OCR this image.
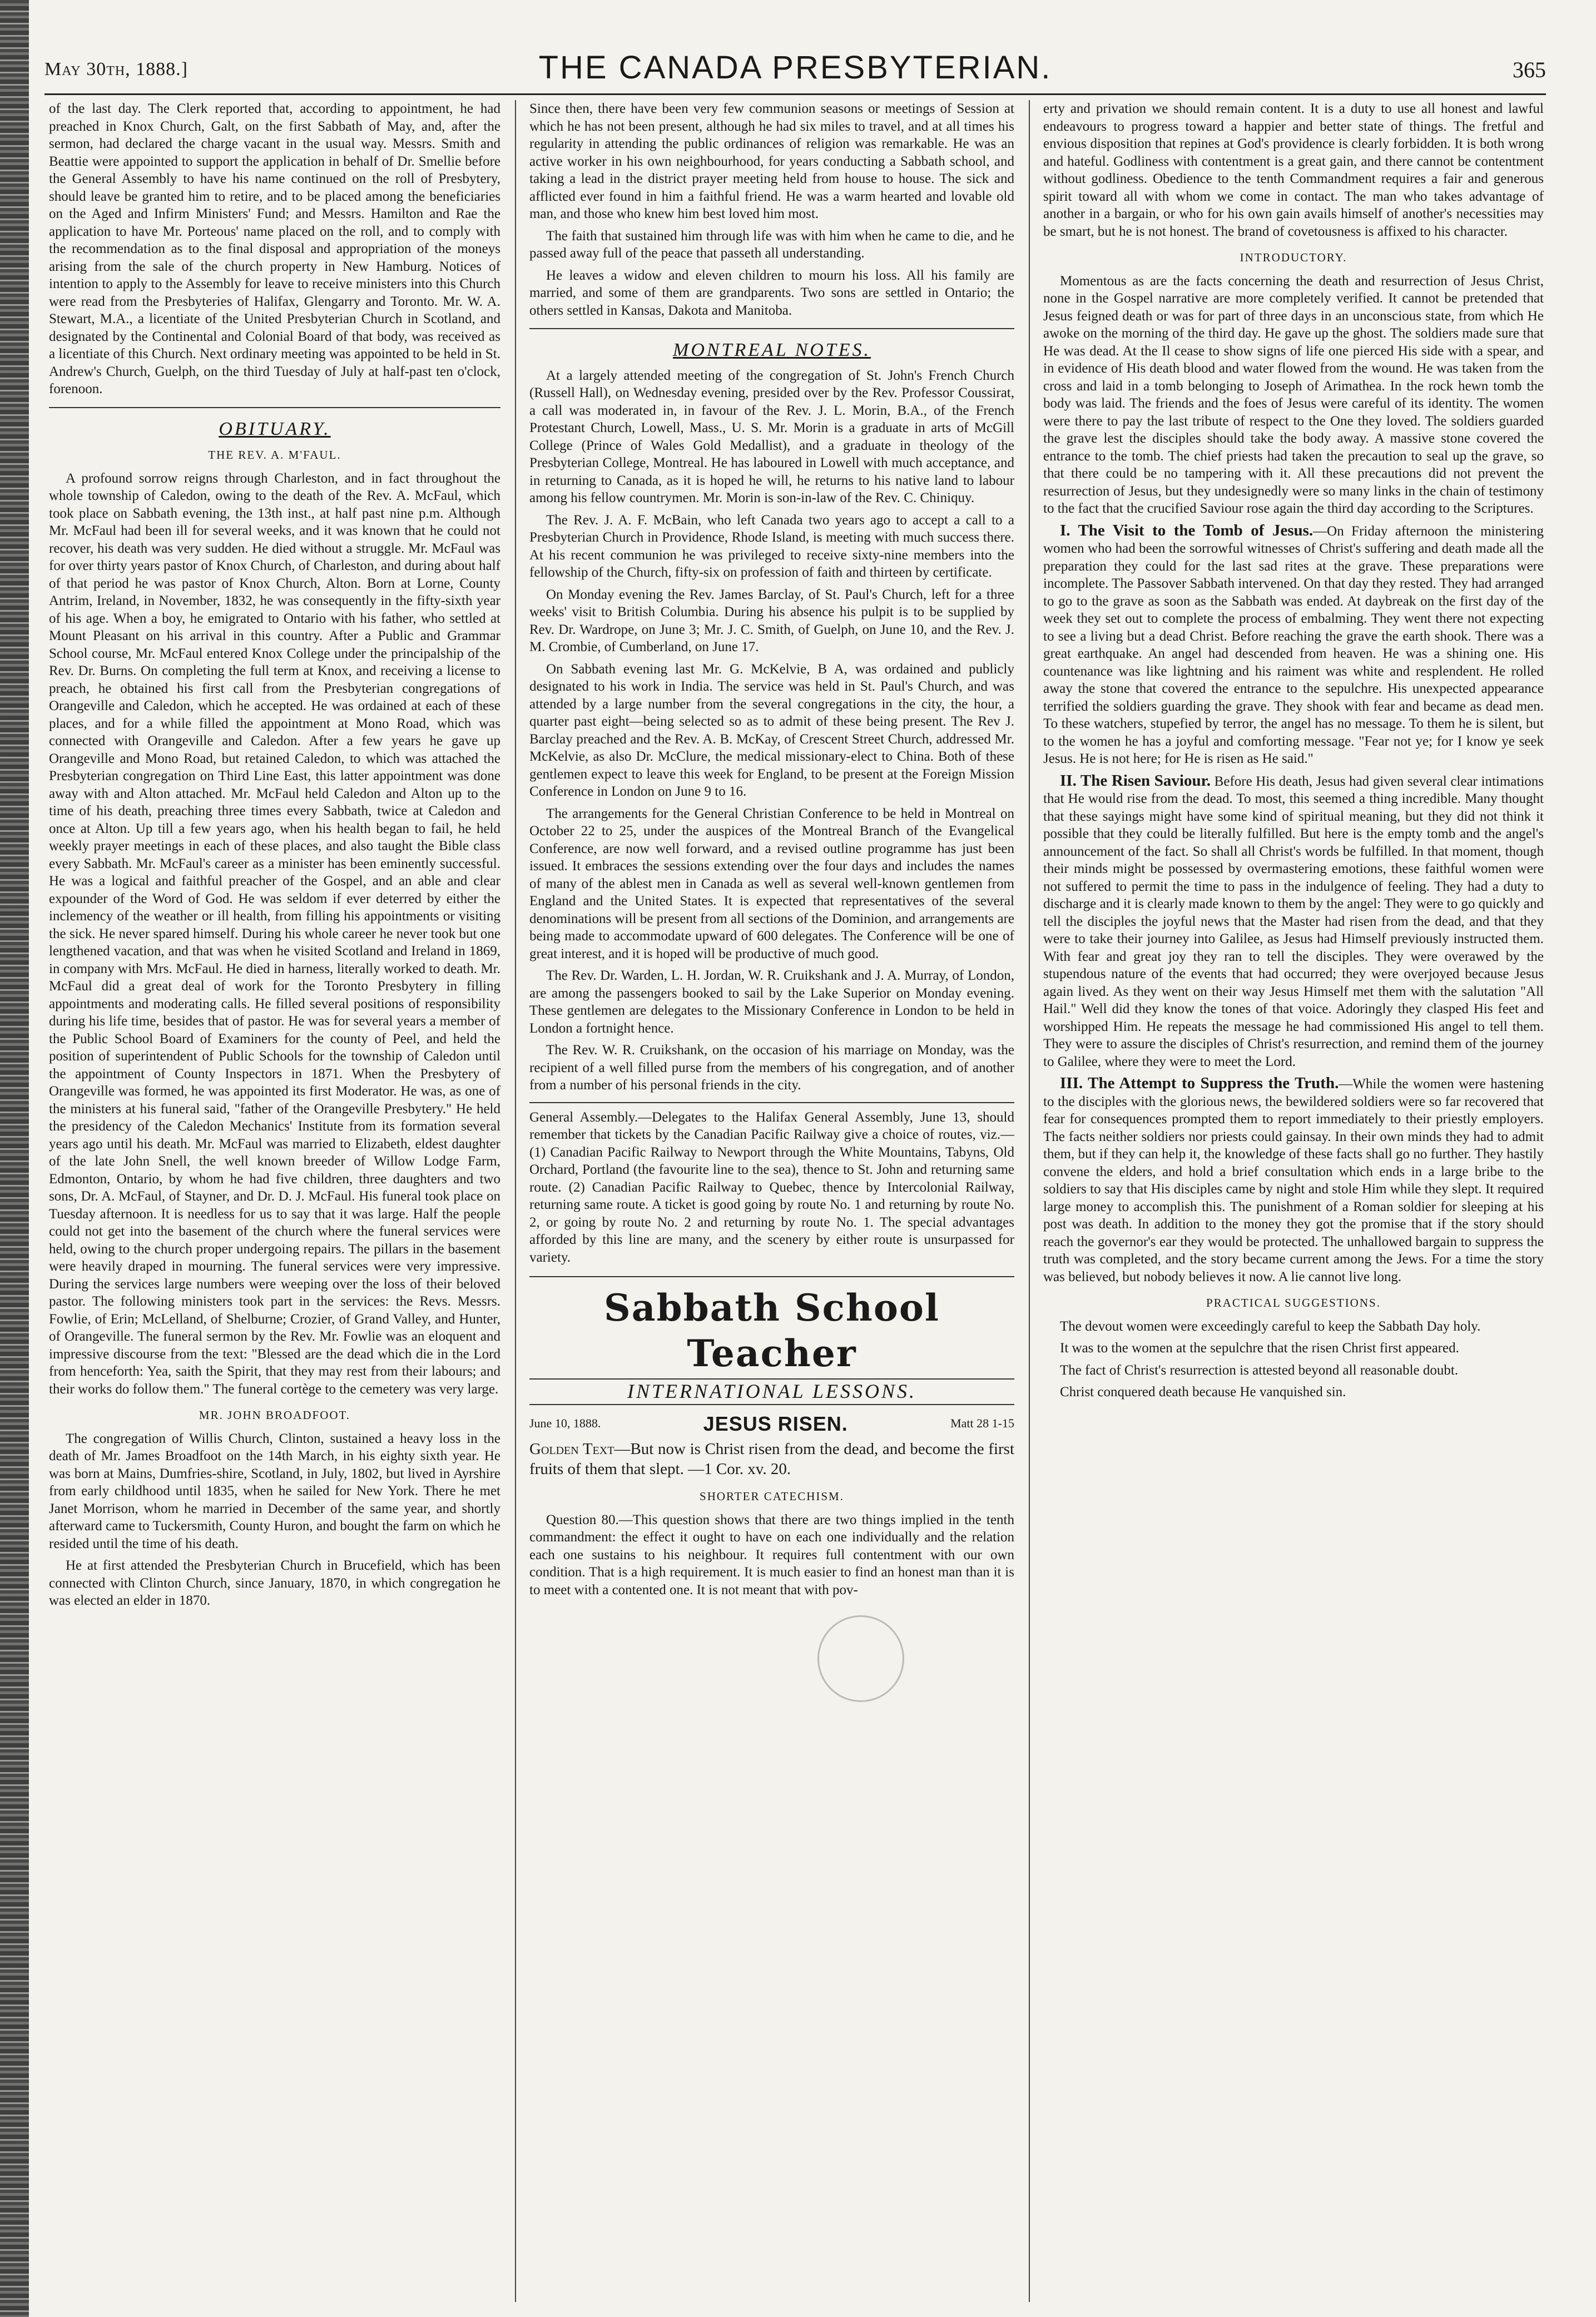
May 30th, 1888.]	THE CANADA PRESBYTERIAN.	365

of the last day. The Clerk reported that, according to appointment, he had preached in Knox Church, Galt, on the first Sabbath of May, and, after the sermon, had declared the charge vacant in the usual way. Messrs. Smith and Beattie were appointed to support the application in behalf of Dr. Smellie before the General Assembly to have his name continued on the roll of Presbytery, should leave be granted him to retire, and to be placed among the beneficiaries on the Aged and Infirm Ministers' Fund; and Messrs. Hamilton and Rae the application to have Mr. Porteous' name placed on the roll, and to comply with the recommendation as to the final disposal and appropriation of the moneys arising from the sale of the church property in New Hamburg. Notices of intention to apply to the Assembly for leave to receive ministers into this Church were read from the Presbyteries of Halifax, Glengarry and Toronto. Mr. W. A. Stewart, M.A., a licentiate of the United Presbyterian Church in Scotland, and designated by the Continental and Colonial Board of that body, was received as a licentiate of this Church. Next ordinary meeting was appointed to be held in St. Andrew's Church, Guelph, on the third Tuesday of July at half-past ten o'clock, forenoon.

OBITUARY.
THE REV. A. M'FAUL.

A profound sorrow reigns through Charleston, and in fact throughout the whole township of Caledon, owing to the death of the Rev. A. McFaul, which took place on Sabbath evening, the 13th inst., at half past nine p.m. Although Mr. McFaul had been ill for several weeks, and it was known that he could not recover, his death was very sudden. He died without a struggle. Mr. McFaul was for over thirty years pastor of Knox Church, of Charleston, and during about half of that period he was pastor of Knox Church, Alton. Born at Lorne, County Antrim, Ireland, in November, 1832, he was consequently in the fifty-sixth year of his age. When a boy, he emigrated to Ontario with his father, who settled at Mount Pleasant on his arrival in this country. After a Public and Grammar School course, Mr. McFaul entered Knox College under the principalship of the Rev. Dr. Burns. On completing the full term at Knox, and receiving a license to preach, he obtained his first call from the Presbyterian congregations of Orangeville and Caledon, which he accepted. He was ordained at each of these places, and for a while filled the appointment at Mono Road, which was connected with Orangeville and Caledon. After a few years he gave up Orangeville and Mono Road, but retained Caledon, to which was attached the Presbyterian congregation on Third Line East, this latter appointment was done away with and Alton attached. Mr. McFaul held Caledon and Alton up to the time of his death, preaching three times every Sabbath, twice at Caledon and once at Alton. Up till a few years ago, when his health began to fail, he held weekly prayer meetings in each of these places, and also taught the Bible class every Sabbath. Mr. McFaul's career as a minister has been eminently successful. He was a logical and faithful preacher of the Gospel, and an able and clear expounder of the Word of God. He was seldom if ever deterred by either the inclemency of the weather or ill health, from filling his appointments or visiting the sick. He never spared himself. During his whole career he never took but one lengthened vacation, and that was when he visited Scotland and Ireland in 1869, in company with Mrs. McFaul. He died in harness, literally worked to death. Mr. McFaul did a great deal of work for the Toronto Presbytery in filling appointments and moderating calls. He filled several positions of responsibility during his life time, besides that of pastor. He was for several years a member of the Public School Board of Examiners for the county of Peel, and held the position of superintendent of Public Schools for the township of Caledon until the appointment of County Inspectors in 1871. When the Presbytery of Orangeville was formed, he was appointed its first Moderator. He was, as one of the ministers at his funeral said, "father of the Orangeville Presbytery." He held the presidency of the Caledon Mechanics' Institute from its formation several years ago until his death. Mr. McFaul was married to Elizabeth, eldest daughter of the late John Snell, the well known breeder of Willow Lodge Farm, Edmonton, Ontario, by whom he had five children, three daughters and two sons, Dr. A. McFaul, of Stayner, and Dr. D. J. McFaul. His funeral took place on Tuesday afternoon. It is needless for us to say that it was large. Half the people could not get into the basement of the church where the funeral services were held, owing to the church proper undergoing repairs. The pillars in the basement were heavily draped in mourning. The funeral services were very impressive. During the services large numbers were weeping over the loss of their beloved pastor. The following ministers took part in the services: the Revs. Messrs. Fowlie, of Erin; McLelland, of Shelburne; Crozier, of Grand Valley, and Hunter, of Orangeville. The funeral sermon by the Rev. Mr. Fowlie was an eloquent and impressive discourse from the text: "Blessed are the dead which die in the Lord from henceforth: Yea, saith the Spirit, that they may rest from their labours; and their works do follow them." The funeral cortège to the cemetery was very large.

MR. JOHN BROADFOOT.

The congregation of Willis Church, Clinton, sustained a heavy loss in the death of Mr. James Broadfoot on the 14th March, in his eighty sixth year. He was born at Mains, Dumfries-shire, Scotland, in July, 1802, but lived in Ayrshire from early childhood until 1835, when he sailed for New York. There he met Janet Morrison, whom he married in December of the same year, and shortly afterward came to Tuckersmith, County Huron, and bought the farm on which he resided until the time of his death.

He at first attended the Presbyterian Church in Brucefield, which has been connected with Clinton Church, since January, 1870, in which congregation he was elected an elder in 1870.

Since then, there have been very few communion seasons or meetings of Session at which he has not been present, although he had six miles to travel, and at all times his regularity in attending the public ordinances of religion was remarkable. He was an active worker in his own neighbourhood, for years conducting a Sabbath school, and taking a lead in the district prayer meeting held from house to house. The sick and afflicted ever found in him a faithful friend. He was a warm hearted and lovable old man, and those who knew him best loved him most.

The faith that sustained him through life was with him when he came to die, and he passed away full of the peace that passeth all understanding.

He leaves a widow and eleven children to mourn his loss. All his family are married, and some of them are grandparents. Two sons are settled in Ontario; the others settled in Kansas, Dakota and Manitoba.

MONTREAL NOTES.

At a largely attended meeting of the congregation of St. John's French Church (Russell Hall), on Wednesday evening, presided over by the Rev. Professor Coussirat, a call was moderated in, in favour of the Rev. J. L. Morin, B.A., of the French Protestant Church, Lowell, Mass., U. S. Mr. Morin is a graduate in arts of McGill College (Prince of Wales Gold Medallist), and a graduate in theology of the Presbyterian College, Montreal. He has laboured in Lowell with much acceptance, and in returning to Canada, as it is hoped he will, he returns to his native land to labour among his fellow countrymen. Mr. Morin is son-in-law of the Rev. C. Chiniquy.

The Rev. J. A. F. McBain, who left Canada two years ago to accept a call to a Presbyterian Church in Providence, Rhode Island, is meeting with much success there. At his recent communion he was privileged to receive sixty-nine members into the fellowship of the Church, fifty-six on profession of faith and thirteen by certificate.

On Monday evening the Rev. James Barclay, of St. Paul's Church, left for a three weeks' visit to British Columbia. During his absence his pulpit is to be supplied by Rev. Dr. Wardrope, on June 3; Mr. J. C. Smith, of Guelph, on June 10, and the Rev. J. M. Crombie, of Cumberland, on June 17.

On Sabbath evening last Mr. G. McKelvie, B A, was ordained and publicly designated to his work in India. The service was held in St. Paul's Church, and was attended by a large number from the several congregations in the city, the hour, a quarter past eight—being selected so as to admit of these being present. The Rev J. Barclay preached and the Rev. A. B. McKay, of Crescent Street Church, addressed Mr. McKelvie, as also Dr. McClure, the medical missionary-elect to China. Both of these gentlemen expect to leave this week for England, to be present at the Foreign Mission Conference in London on June 9 to 16.

The arrangements for the General Christian Conference to be held in Montreal on October 22 to 25, under the auspices of the Montreal Branch of the Evangelical Conference, are now well forward, and a revised outline programme has just been issued. It embraces the sessions extending over the four days and includes the names of many of the ablest men in Canada as well as several well-known gentlemen from England and the United States. It is expected that representatives of the several denominations will be present from all sections of the Dominion, and arrangements are being made to accommodate upward of 600 delegates. The Conference will be one of great interest, and it is hoped will be productive of much good.

The Rev. Dr. Warden, L. H. Jordan, W. R. Cruikshank and J. A. Murray, of London, are among the passengers booked to sail by the Lake Superior on Monday evening. These gentlemen are delegates to the Missionary Conference in London to be held in London a fortnight hence.

The Rev. W. R. Cruikshank, on the occasion of his marriage on Monday, was the recipient of a well filled purse from the members of his congregation, and of another from a number of his personal friends in the city.

General Assembly.—Delegates to the Halifax General Assembly, June 13, should remember that tickets by the Canadian Pacific Railway give a choice of routes, viz.— (1) Canadian Pacific Railway to Newport through the White Mountains, Tabyns, Old Orchard, Portland (the favourite line to the sea), thence to St. John and returning same route. (2) Canadian Pacific Railway to Quebec, thence by Intercolonial Railway, returning same route. A ticket is good going by route No. 1 and returning by route No. 2, or going by route No. 2 and returning by route No. 1. The special advantages afforded by this line are many, and the scenery by either route is unsurpassed for variety.

Sabbath School Teacher
INTERNATIONAL LESSONS.
June 10, 1888.	JESUS RISEN.	Matt 28 1-15
Golden Text—But now is Christ risen from the dead, and become the first fruits of them that slept. —1 Cor. xv. 20.
SHORTER CATECHISM.

Question 80.—This question shows that there are two things implied in the tenth commandment: the effect it ought to have on each one individually and the relation each one sustains to his neighbour. It requires full contentment with our own condition. That is a high requirement. It is much easier to find an honest man than it is to meet with a contented one. It is not meant that with pov-

erty and privation we should remain content. It is a duty to use all honest and lawful endeavours to progress toward a happier and better state of things. The fretful and envious disposition that repines at God's providence is clearly forbidden. It is both wrong and hateful. Godliness with contentment is a great gain, and there cannot be contentment without godliness. Obedience to the tenth Commandment requires a fair and generous spirit toward all with whom we come in contact. The man who takes advantage of another in a bargain, or who for his own gain avails himself of another's necessities may be smart, but he is not honest. The brand of covetousness is affixed to his character.

INTRODUCTORY.

Momentous as are the facts concerning the death and resurrection of Jesus Christ, none in the Gospel narrative are more completely verified. It cannot be pretended that Jesus feigned death or was for part of three days in an unconscious state, from which He awoke on the morning of the third day. He gave up the ghost. The soldiers made sure that He was dead. At the Il cease to show signs of life one pierced His side with a spear, and in evidence of His death blood and water flowed from the wound. He was taken from the cross and laid in a tomb belonging to Joseph of Arimathea. In the rock hewn tomb the body was laid. The friends and the foes of Jesus were careful of its identity. The women were there to pay the last tribute of respect to the One they loved. The soldiers guarded the grave lest the disciples should take the body away. A massive stone covered the entrance to the tomb. The chief priests had taken the precaution to seal up the grave, so that there could be no tampering with it. All these precautions did not prevent the resurrection of Jesus, but they undesignedly were so many links in the chain of testimony to the fact that the crucified Saviour rose again the third day according to the Scriptures.

I. The Visit to the Tomb of Jesus.—On Friday afternoon the ministering women who had been the sorrowful witnesses of Christ's suffering and death made all the preparation they could for the last sad rites at the grave. These preparations were incomplete. The Passover Sabbath intervened. On that day they rested. They had arranged to go to the grave as soon as the Sabbath was ended. At daybreak on the first day of the week they set out to complete the process of embalming. They went there not expecting to see a living but a dead Christ. Before reaching the grave the earth shook. There was a great earthquake. An angel had descended from heaven. He was a shining one. His countenance was like lightning and his raiment was white and resplendent. He rolled away the stone that covered the entrance to the sepulchre. His unexpected appearance terrified the soldiers guarding the grave. They shook with fear and became as dead men. To these watchers, stupefied by terror, the angel has no message. To them he is silent, but to the women he has a joyful and comforting message. "Fear not ye; for I know ye seek Jesus. He is not here; for He is risen as He said."

II. The Risen Saviour. Before His death, Jesus had given several clear intimations that He would rise from the dead. To most, this seemed a thing incredible. Many thought that these sayings might have some kind of spiritual meaning, but they did not think it possible that they could be literally fulfilled. But here is the empty tomb and the angel's announcement of the fact. So shall all Christ's words be fulfilled. In that moment, though their minds might be possessed by overmastering emotions, these faithful women were not suffered to permit the time to pass in the indulgence of feeling. They had a duty to discharge and it is clearly made known to them by the angel: They were to go quickly and tell the disciples the joyful news that the Master had risen from the dead, and that they were to take their journey into Galilee, as Jesus had Himself previously instructed them. With fear and great joy they ran to tell the disciples. They were overawed by the stupendous nature of the events that had occurred; they were overjoyed because Jesus again lived. As they went on their way Jesus Himself met them with the salutation "All Hail." Well did they know the tones of that voice. Adoringly they clasped His feet and worshipped Him. He repeats the message he had commissioned His angel to tell them. They were to assure the disciples of Christ's resurrection, and remind them of the journey to Galilee, where they were to meet the Lord.

III. The Attempt to Suppress the Truth.—While the women were hastening to the disciples with the glorious news, the bewildered soldiers were so far recovered that fear for consequences prompted them to report immediately to their priestly employers. The facts neither soldiers nor priests could gainsay. In their own minds they had to admit them, but if they can help it, the knowledge of these facts shall go no further. They hastily convene the elders, and hold a brief consultation which ends in a large bribe to the soldiers to say that His disciples came by night and stole Him while they slept. It required large money to accomplish this. The punishment of a Roman soldier for sleeping at his post was death. In addition to the money they got the promise that if the story should reach the governor's ear they would be protected. The unhallowed bargain to suppress the truth was completed, and the story became current among the Jews. For a time the story was believed, but nobody believes it now. A lie cannot live long.

PRACTICAL SUGGESTIONS.

The devout women were exceedingly careful to keep the Sabbath Day holy.

It was to the women at the sepulchre that the risen Christ first appeared.

The fact of Christ's resurrection is attested beyond all reasonable doubt.

Christ conquered death because He vanquished sin.
